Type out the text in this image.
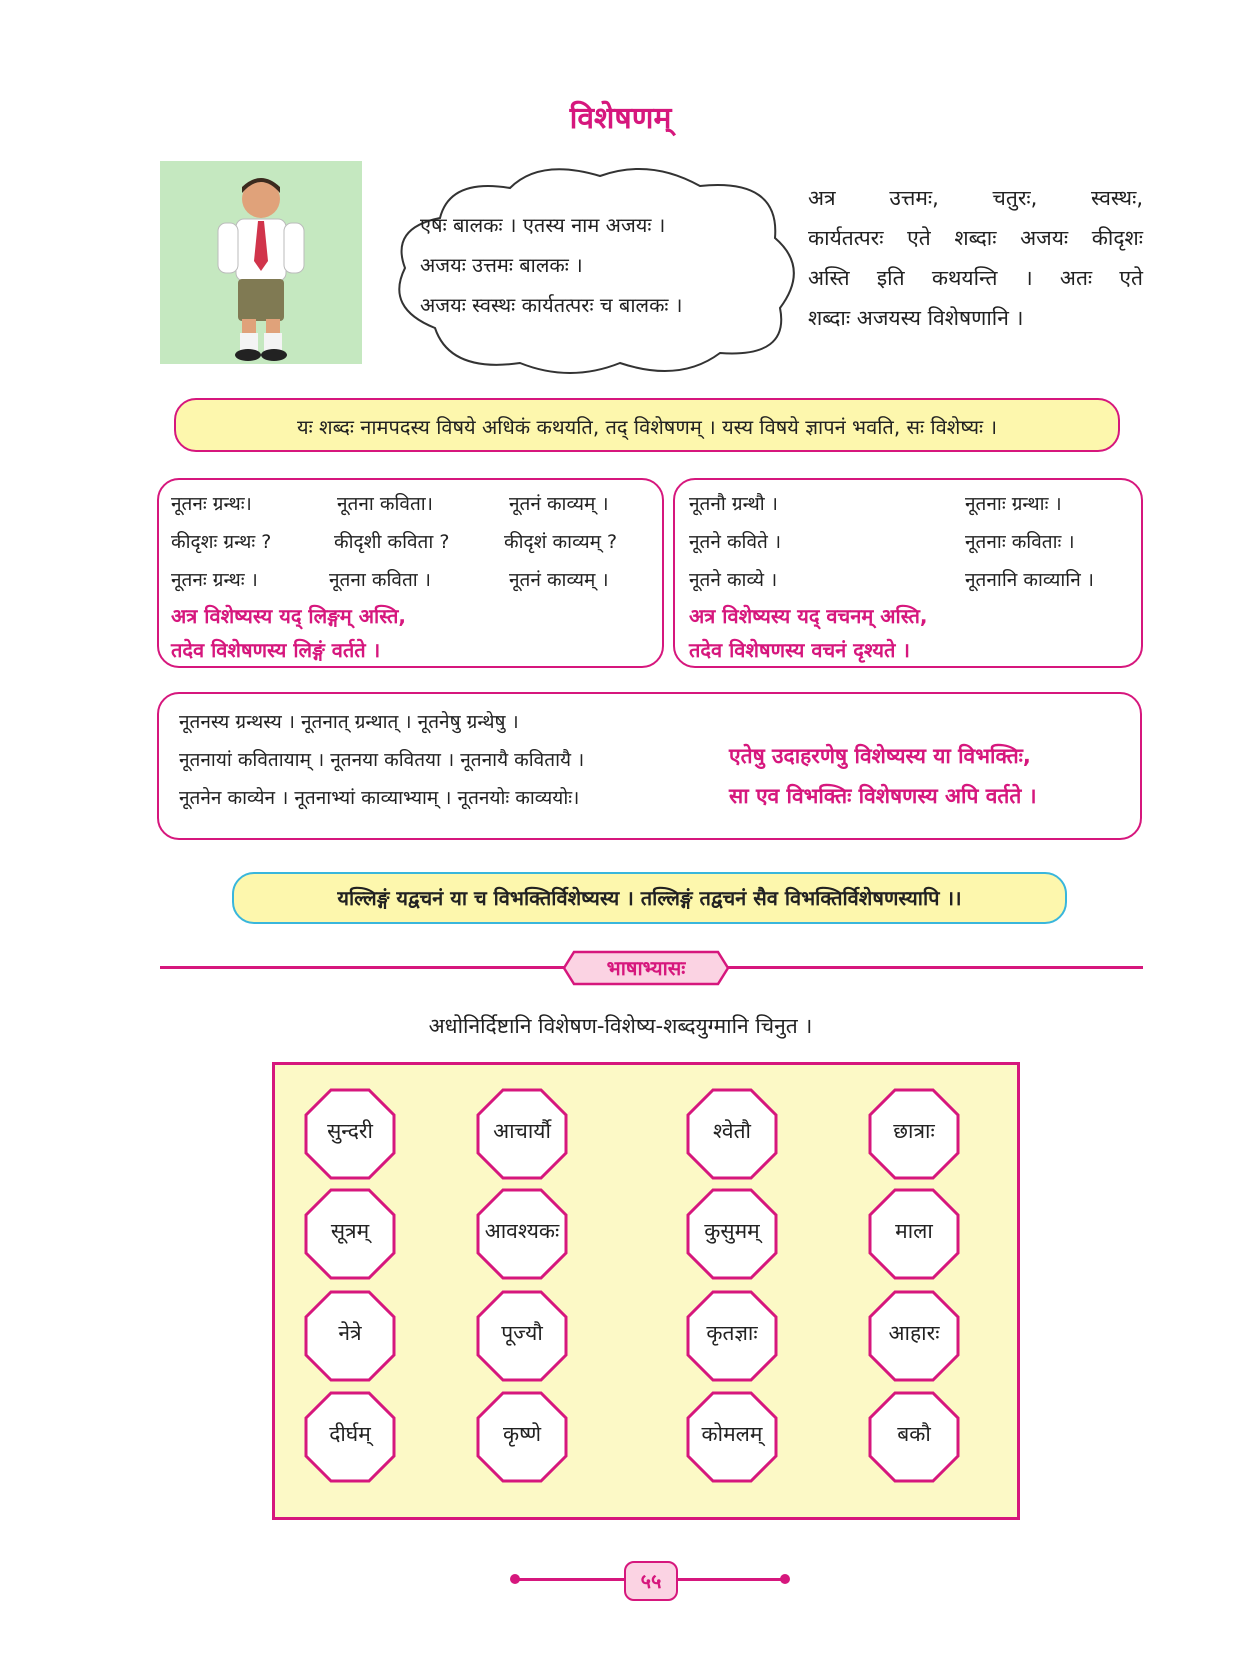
विशेषणम्
एषः बालकः । एतस्य नाम अजयः ।
अजयः उत्तमः बालकः ।
अजयः स्वस्थः कार्यतत्परः च बालकः ।
अत्र उत्तमः, चतुरः, स्वस्थः,
कार्यतत्परः एते शब्दाः अजयः कीदृशः
अस्ति इति कथयन्ति । अतः एते
शब्दाः अजयस्य विशेषणानि ।
यः शब्दः नामपदस्य विषये अधिकं कथयति, तद् विशेषणम् । यस्य विषये ज्ञापनं भवति, सः विशेष्यः ।
नूतनः ग्रन्थः।	नूतना कविता।	नूतनं काव्यम् ।
कीदृशः ग्रन्थः ?	कीदृशी कविता ?	कीदृशं काव्यम् ?
नूतनः ग्रन्थः ।	नूतना कविता ।	नूतनं काव्यम् ।
अत्र विशेष्यस्य यद् लिङ्गम् अस्ति,
तदेव विशेषणस्य लिङ्गं वर्तते ।
नूतनौ ग्रन्थौ ।	नूतनाः ग्रन्थाः ।
नूतने कविते ।	नूतनाः कविताः ।
नूतने काव्ये ।	नूतनानि काव्यानि ।
अत्र विशेष्यस्य यद् वचनम् अस्ति,
तदेव विशेषणस्य वचनं दृश्यते ।
नूतनस्य ग्रन्थस्य । नूतनात् ग्रन्थात् । नूतनेषु ग्रन्थेषु ।
नूतनायां कवितायाम् । नूतनया कवितया । नूतनायै कवितायै ।
नूतनेन काव्येन । नूतनाभ्यां काव्याभ्याम् । नूतनयोः काव्ययोः।
एतेषु उदाहरणेषु विशेष्यस्य या विभक्तिः,
सा एव विभक्तिः विशेषणस्य अपि वर्तते ।
यल्लिङ्गं यद्वचनं या च विभक्तिर्विशेष्यस्य । तल्लिङ्गं तद्वचनं सैव विभक्तिर्विशेषणस्यापि ।।
भाषाभ्यासः
अधोनिर्दिष्टानि विशेषण-विशेष्य-शब्दयुग्मानि चिनुत ।
सुन्दरी	आचार्यौ	श्वेतौ	छात्राः
सूत्रम्	आवश्यकः	कुसुमम्	माला
नेत्रे	पूज्यौ	कृतज्ञाः	आहारः
दीर्घम्	कृष्णे	कोमलम्	बकौ
५५
